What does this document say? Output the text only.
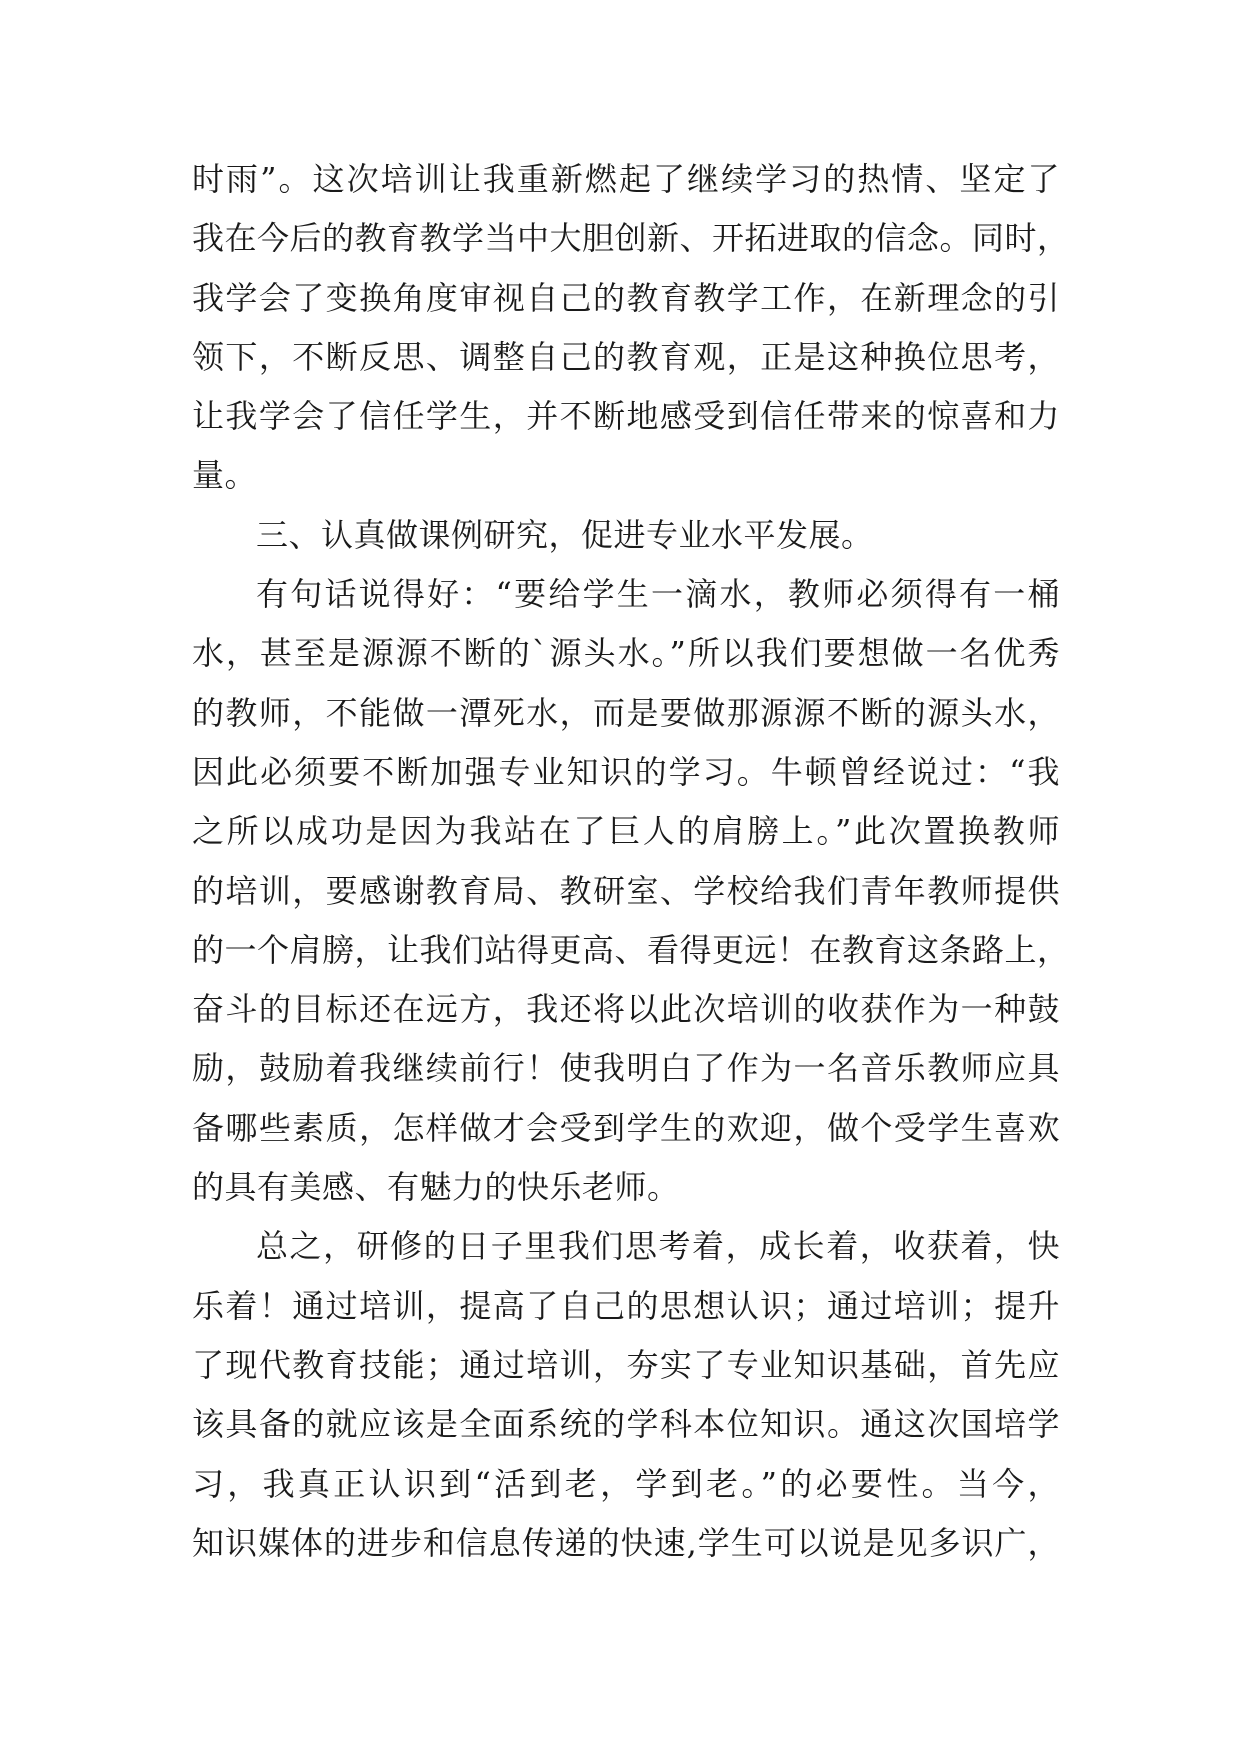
时雨”。这次培训让我重新燃起了继续学习的热情、坚定了
我在今后的教育教学当中大胆创新、开拓进取的信念。同时，
我学会了变换角度审视自己的教育教学工作，在新理念的引
领下，不断反思、调整自己的教育观，正是这种换位思考，
让我学会了信任学生，并不断地感受到信任带来的惊喜和力
量。
三、认真做课例研究，促进专业水平发展。
有句话说得好：“要给学生一滴水，教师必须得有一桶
水，甚至是源源不断的`源头水。”所以我们要想做一名优秀
的教师，不能做一潭死水，而是要做那源源不断的源头水，
因此必须要不断加强专业知识的学习。牛顿曾经说过：“我
之所以成功是因为我站在了巨人的肩膀上。”此次置换教师
的培训，要感谢教育局、教研室、学校给我们青年教师提供
的一个肩膀，让我们站得更高、看得更远！在教育这条路上，
奋斗的目标还在远方，我还将以此次培训的收获作为一种鼓
励，鼓励着我继续前行！使我明白了作为一名音乐教师应具
备哪些素质，怎样做才会受到学生的欢迎，做个受学生喜欢
的具有美感、有魅力的快乐老师。
总之，研修的日子里我们思考着，成长着，收获着，快
乐着！通过培训，提高了自己的思想认识；通过培训；提升
了现代教育技能；通过培训，夯实了专业知识基础，首先应
该具备的就应该是全面系统的学科本位知识。通这次国培学
习，我真正认识到“活到老，学到老。”的必要性。当今，
知识媒体的进步和信息传递的快速,学生可以说是见多识广，
